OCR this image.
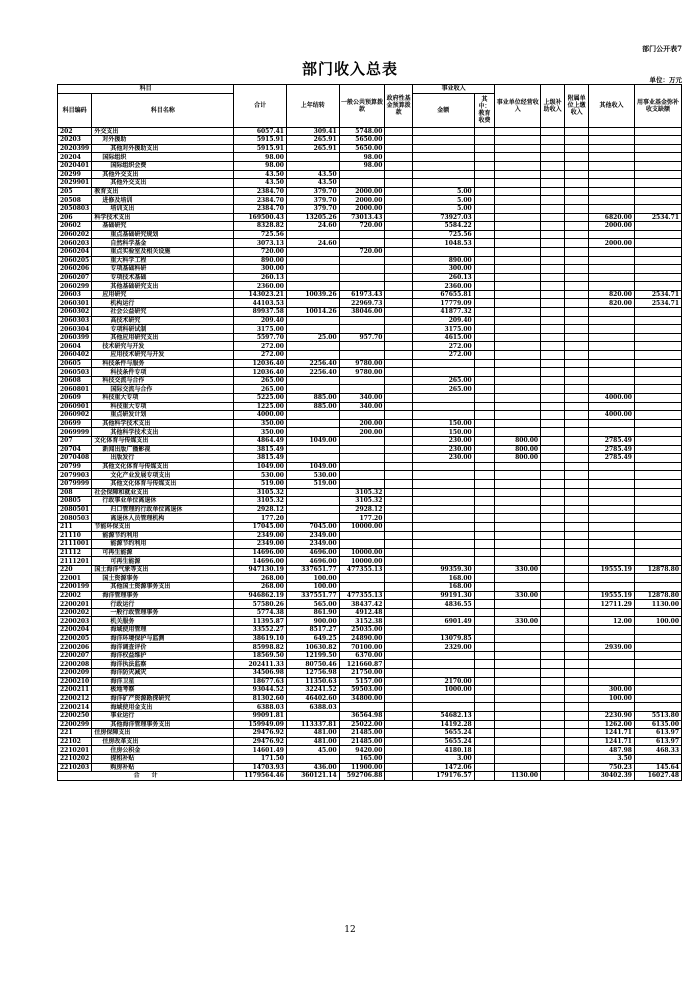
部门公开表7
部门收入总表
单位：万元
科目		合计	上年结转	一般公共预算拨款	政府性基金预算拨款	事业收入		事业单位经营收入	上级补助收入	附属单位上缴收入	其他收入	用事业基金弥补收支缺额
科目编码	科目名称					金额	其中：教育收费					

202	外交支出	6057.41	309.41	5748.00								
20203	对外援助	5915.91	265.91	5650.00								
2020399	其他对外援助支出	5915.91	265.91	5650.00								
20204	国际组织	98.00		98.00								
2020401	国际组织会费	98.00		98.00								
20299	其他外交支出	43.50	43.50									
2029901	其他外交支出	43.50	43.50									
205	教育支出	2384.70	379.70	2000.00		5.00						
20508	进修及培训	2384.70	379.70	2000.00		5.00						
2050803	培训支出	2384.70	379.70	2000.00		5.00						
206	科学技术支出	169500.43	13205.26	73013.43		73927.03					6820.00	2534.71
20602	基础研究	8328.82	24.60	720.00		5584.22					2000.00	
2060202	重点基础研究规划	725.56				725.56						
2060203	自然科学基金	3073.13	24.60			1048.53					2000.00	
2060204	重点实验室及相关设施	720.00		720.00								
2060205	重大科学工程	890.00				890.00						
2060206	专项基础科研	300.00				300.00						
2060207	专项技术基础	260.13				260.13						
2060299	其他基础研究支出	2360.00				2360.00						
20603	应用研究	143023.21	10039.26	61973.43		67655.81					820.00	2534.71
2060301	机构运行	44103.53		22969.73		17779.09					820.00	2534.71
2060302	社会公益研究	89937.58	10014.26	38046.00		41877.32						
2060303	高技术研究	209.40				209.40						
2060304	专项科研试制	3175.00				3175.00						
2060399	其他应用研究支出	5597.70	25.00	957.70		4615.00						
20604	技术研究与开发	272.00				272.00						
2060402	应用技术研究与开发	272.00				272.00						
20605	科技条件与服务	12036.40	2256.40	9780.00								
2060503	科技条件专项	12036.40	2256.40	9780.00								
20608	科技交流与合作	265.00				265.00						
2060801	国际交流与合作	265.00				265.00						
20609	科技重大专项	5225.00	885.00	340.00							4000.00	
2060901	科技重大专项	1225.00	885.00	340.00								
2060902	重点研发计划	4000.00									4000.00	
20699	其他科学技术支出	350.00		200.00		150.00						
2069999	其他科学技术支出	350.00		200.00		150.00						
207	文化体育与传媒支出	4864.49	1049.00			230.00		800.00			2785.49	
20704	新闻出版广播影视	3815.49				230.00		800.00			2785.49	
2070408	出版发行	3815.49				230.00		800.00			2785.49	
20799	其他文化体育与传媒支出	1049.00	1049.00									
2079903	文化产业发展专项支出	530.00	530.00									
2079999	其他文化体育与传媒支出	519.00	519.00									
208	社会保障和就业支出	3105.32		3105.32								
20805	行政事业单位离退休	3105.32		3105.32								
2080501	归口管理的行政单位离退休	2928.12		2928.12								
2080503	离退休人员管理机构	177.20		177.20								
211	节能环保支出	17045.00	7045.00	10000.00								
21110	能源节约利用	2349.00	2349.00									
2111001	能源节约利用	2349.00	2349.00									
21112	可再生能源	14696.00	4696.00	10000.00								
2111201	可再生能源	14696.00	4696.00	10000.00								
220	国土海洋气象等支出	947130.19	337651.77	477355.13		99359.30		330.00			19555.19	12878.80
22001	国土资源事务	268.00	100.00			168.00						
2200199	其他国土资源事务支出	268.00	100.00			168.00						
22002	海洋管理事务	946862.19	337551.77	477355.13		99191.30		330.00			19555.19	12878.80
2200201	行政运行	57580.26	565.00	38437.42		4836.55					12711.29	1130.00
2200202	一般行政管理事务	5774.38	861.90	4912.48								
2200203	机关服务	11395.87	900.00	3152.38		6901.49		330.00			12.00	100.00
2200204	海域使用管理	33552.27	8517.27	25035.00								
2200205	海洋环境保护与监测	38619.10	649.25	24890.00		13079.85						
2200206	海洋调查评价	85998.82	10630.82	70100.00		2329.00					2939.00	
2200207	海洋权益维护	18569.50	12199.50	6370.00								
2200208	海洋执法监察	202411.33	80750.46	121660.87								
2200209	海洋防灾减灾	34506.98	12756.98	21750.00								
2200210	海洋卫星	18677.63	11350.63	5157.00		2170.00						
2200211	极地考察	93044.52	32241.52	59503.00		1000.00					300.00	
2200212	海洋矿产资源勘探研究	81302.60	46402.60	34800.00							100.00	
2200214	海域使用金支出	6388.03	6388.03									
2200250	事业运行	99091.81		36564.98		54682.13					2230.90	5513.80
2200299	其他海洋管理事务支出	159949.09	113337.81	25022.00		14192.28					1262.00	6135.00
221	住房保障支出	29476.92	481.00	21485.00		5655.24					1241.71	613.97
22102	住房改革支出	29476.92	481.00	21485.00		5655.24					1241.71	613.97
2210201	住房公积金	14601.49	45.00	9420.00		4180.18					487.98	468.33
2210202	提租补贴	171.50		165.00		3.00					3.50	
2210203	购房补贴	14703.93	436.00	11900.00		1472.06					750.23	145.64
合　　计		1179564.46	360121.14	592706.88		179176.57		1130.00			30402.39	16027.48
12
